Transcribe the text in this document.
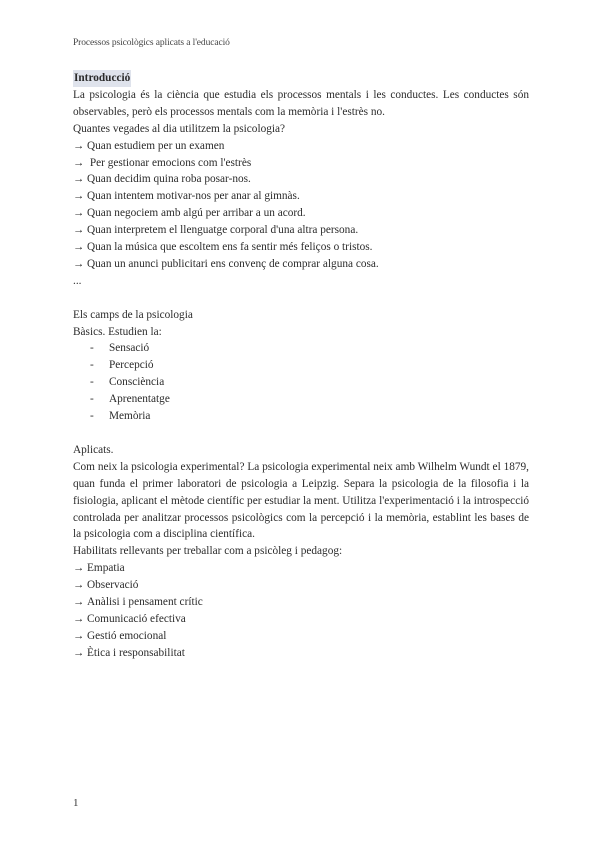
Processos psicològics aplicats a l'educació
Introducció
La psicologia és la ciència que estudia els processos mentals i les conductes. Les conductes són observables, però els processos mentals com la memòria i l'estrès no.
Quantes vegades al dia utilitzem la psicologia?
→ Quan estudiem per un examen
→ Per gestionar emocions com l'estrès
→ Quan decidim quina roba posar-nos.
→ Quan intentem motivar-nos per anar al gimnàs.
→ Quan negociem amb algú per arribar a un acord.
→ Quan interpretem el llenguatge corporal d'una altra persona.
→ Quan la música que escoltem ens fa sentir més feliços o tristos.
→ Quan un anunci publicitari ens convenç de comprar alguna cosa.
...
Els camps de la psicologia
Bàsics. Estudien la:
- Sensació
- Percepció
- Consciència
- Aprenentatge
- Memòria
Aplicats.
Com neix la psicologia experimental? La psicologia experimental neix amb Wilhelm Wundt el 1879, quan funda el primer laboratori de psicologia a Leipzig. Separa la psicologia de la filosofia i la fisiologia, aplicant el mètode científic per estudiar la ment. Utilitza l'experimentació i la introspecció controlada per analitzar processos psicològics com la percepció i la memòria, establint les bases de la psicologia com a disciplina científica.
Habilitats rellevants per treballar com a psicòleg i pedagog:
→ Empatia
→ Observació
→ Anàlisi i pensament crític
→ Comunicació efectiva
→ Gestió emocional
→ Ètica i responsabilitat
1
